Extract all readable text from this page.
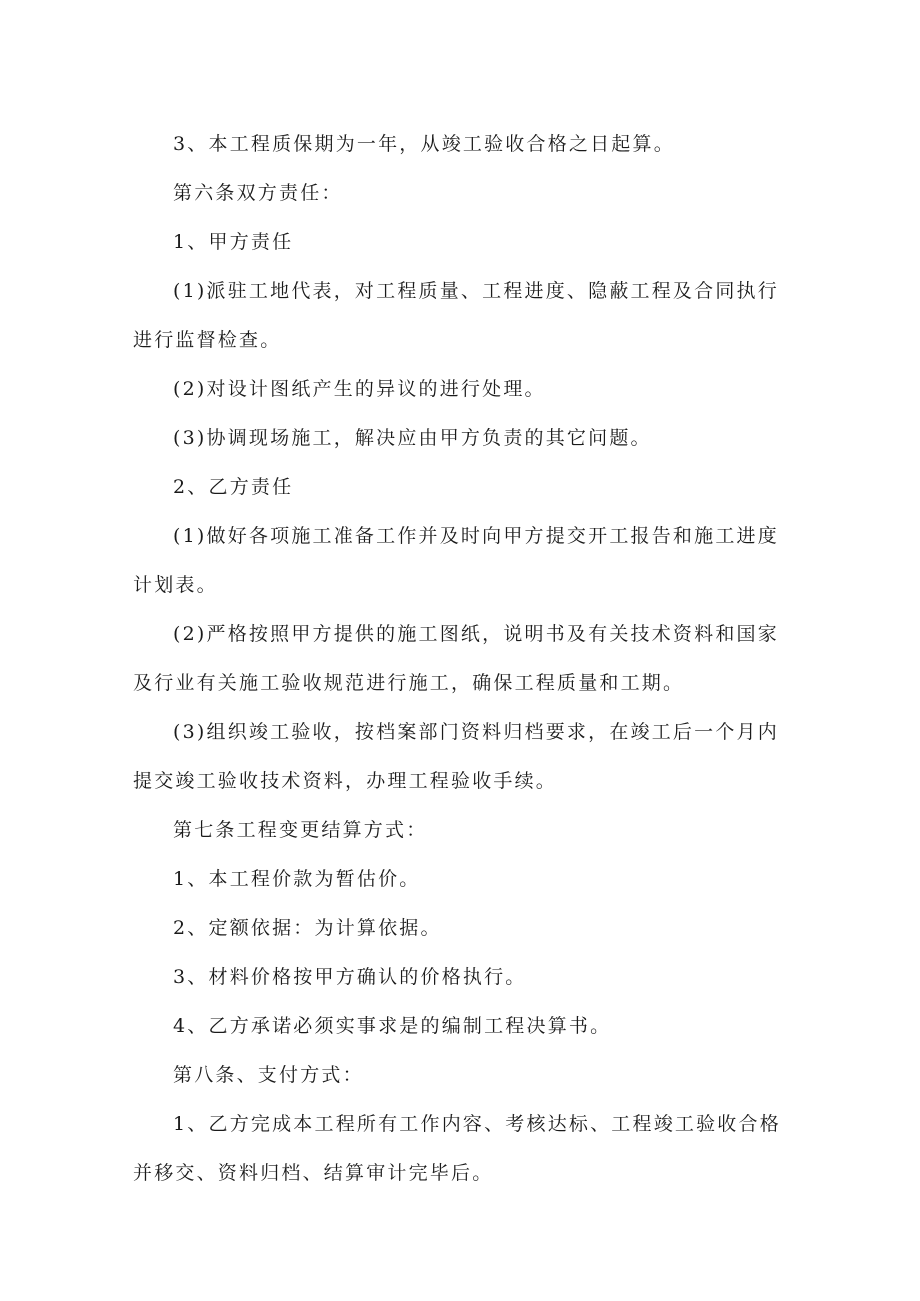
3、本工程质保期为一年，从竣工验收合格之日起算。

第六条双方责任：

1、甲方责任

(1)派驻工地代表，对工程质量、工程进度、隐蔽工程及合同执行进行监督检查。

(2)对设计图纸产生的异议的进行处理。

(3)协调现场施工，解决应由甲方负责的其它问题。

2、乙方责任

(1)做好各项施工准备工作并及时向甲方提交开工报告和施工进度计划表。

(2)严格按照甲方提供的施工图纸，说明书及有关技术资料和国家及行业有关施工验收规范进行施工，确保工程质量和工期。

(3)组织竣工验收，按档案部门资料归档要求，在竣工后一个月内提交竣工验收技术资料，办理工程验收手续。

第七条工程变更结算方式：

1、本工程价款为暂估价。

2、定额依据：为计算依据。

3、材料价格按甲方确认的价格执行。

4、乙方承诺必须实事求是的编制工程决算书。

第八条、支付方式：

1、乙方完成本工程所有工作内容、考核达标、工程竣工验收合格并移交、资料归档、结算审计完毕后。
